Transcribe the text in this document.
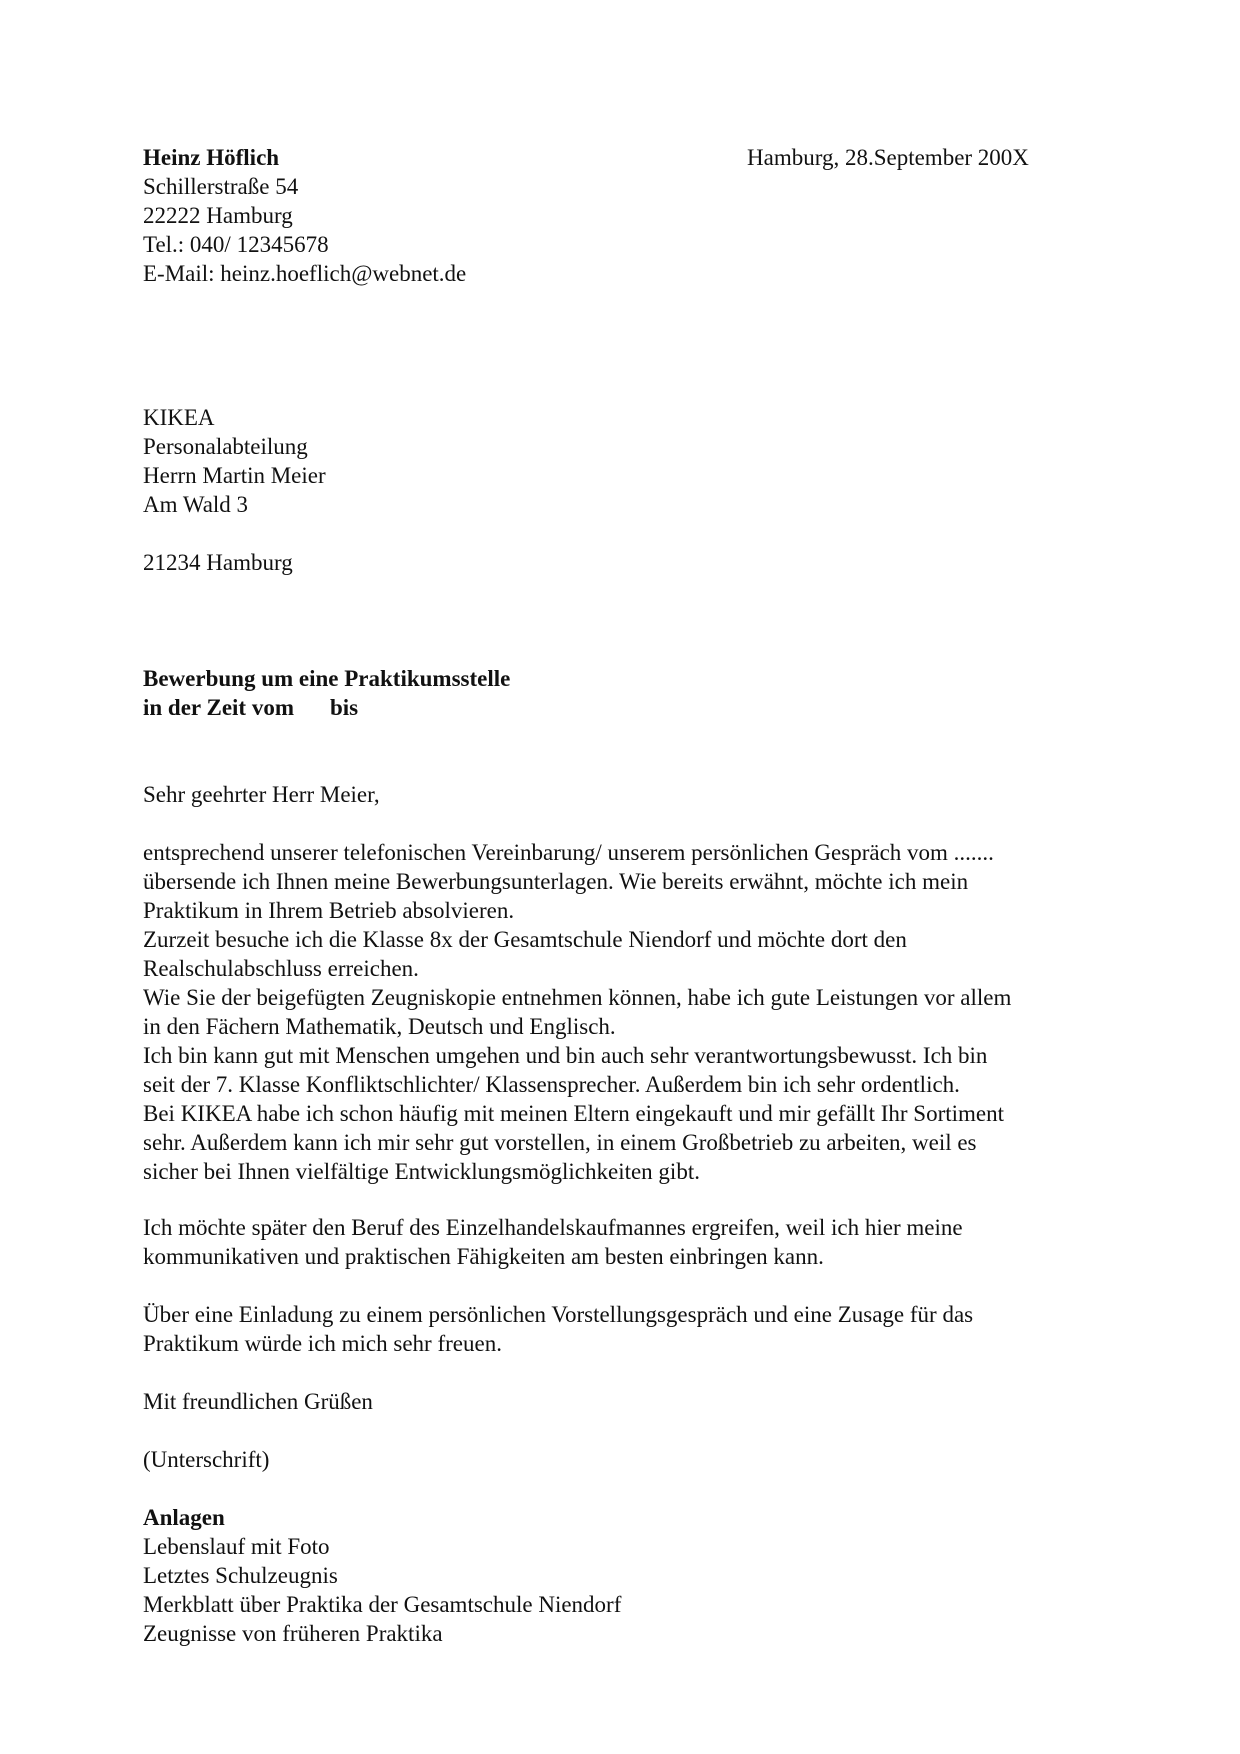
Heinz Höflich
Schillerstraße 54
22222 Hamburg
Tel.: 040/ 12345678
E-Mail: heinz.hoeflich@webnet.de
Hamburg, 28.September 200X
KIKEA
Personalabteilung
Herrn Martin Meier
Am Wald 3
21234 Hamburg
Bewerbung um eine Praktikumsstelle
in der Zeit vom bis
Sehr geehrter Herr Meier,
entsprechend unserer telefonischen Vereinbarung/ unserem persönlichen Gespräch vom .......
übersende ich Ihnen meine Bewerbungsunterlagen. Wie bereits erwähnt, möchte ich mein
Praktikum in Ihrem Betrieb absolvieren.
Zurzeit besuche ich die Klasse 8x der Gesamtschule Niendorf und möchte dort den
Realschulabschluss erreichen.
Wie Sie der beigefügten Zeugniskopie entnehmen können, habe ich gute Leistungen vor allem
in den Fächern Mathematik, Deutsch und Englisch.
Ich bin kann gut mit Menschen umgehen und bin auch sehr verantwortungsbewusst. Ich bin
seit der 7. Klasse Konfliktschlichter/ Klassensprecher. Außerdem bin ich sehr ordentlich.
Bei KIKEA habe ich schon häufig mit meinen Eltern eingekauft und mir gefällt Ihr Sortiment
sehr. Außerdem kann ich mir sehr gut vorstellen, in einem Großbetrieb zu arbeiten, weil es
sicher bei Ihnen vielfältige Entwicklungsmöglichkeiten gibt.
Ich möchte später den Beruf des Einzelhandelskaufmannes ergreifen, weil ich hier meine
kommunikativen und praktischen Fähigkeiten am besten einbringen kann.
Über eine Einladung zu einem persönlichen Vorstellungsgespräch und eine Zusage für das
Praktikum würde ich mich sehr freuen.
Mit freundlichen Grüßen
(Unterschrift)
Anlagen
Lebenslauf mit Foto
Letztes Schulzeugnis
Merkblatt über Praktika der Gesamtschule Niendorf
Zeugnisse von früheren Praktika
